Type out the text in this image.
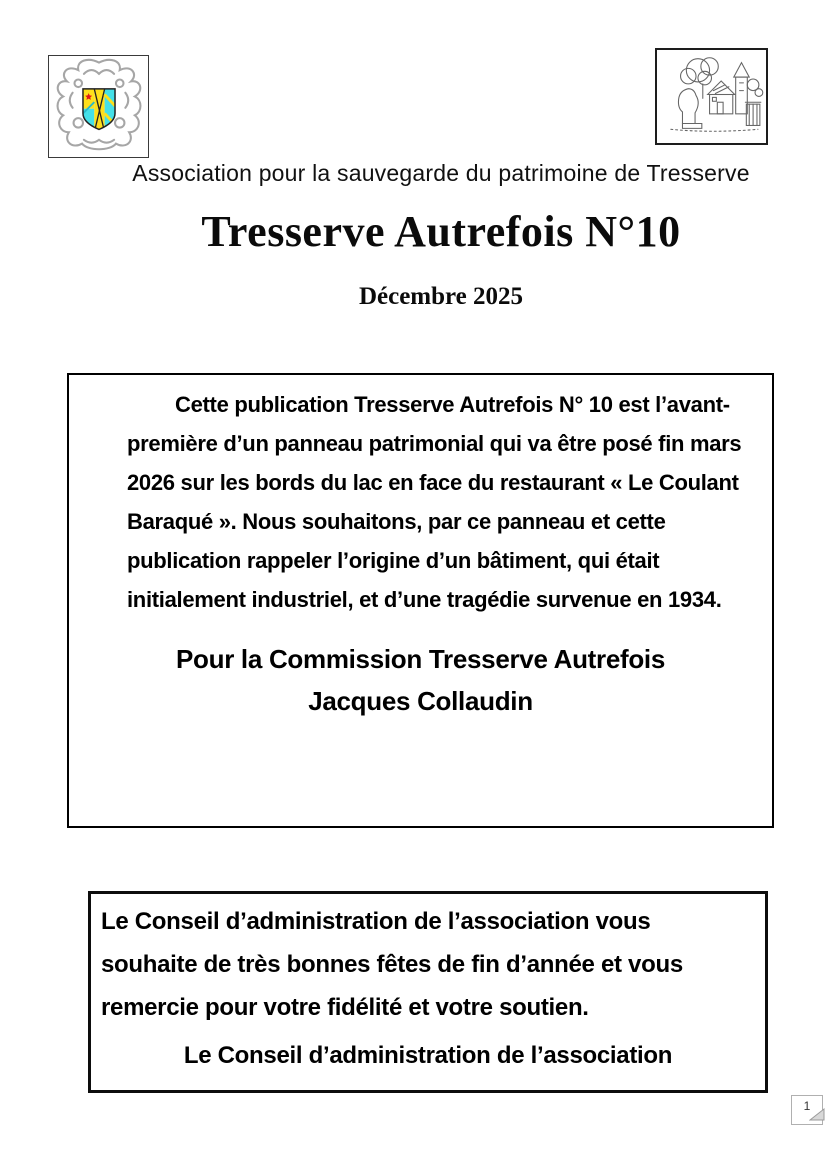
Association pour la sauvegarde du patrimoine de Tresserve
Tresserve Autrefois N°10
Décembre 2025

Cette publication Tresserve Autrefois N° 10 est l’avant-première d’un panneau patrimonial qui va être posé fin mars 2026 sur les bords du lac en face du restaurant « Le Coulant Baraqué ». Nous souhaitons, par ce panneau et cette publication rappeler l’origine d’un bâtiment, qui était initialement industriel, et d’une tragédie survenue en 1934.

Pour la Commission Tresserve Autrefois

Jacques Collaudin

Le Conseil d’administration de l’association vous souhaite de très bonnes fêtes de fin d’année et vous remercie pour votre fidélité et votre soutien.

Le Conseil d’administration de l’association

1
